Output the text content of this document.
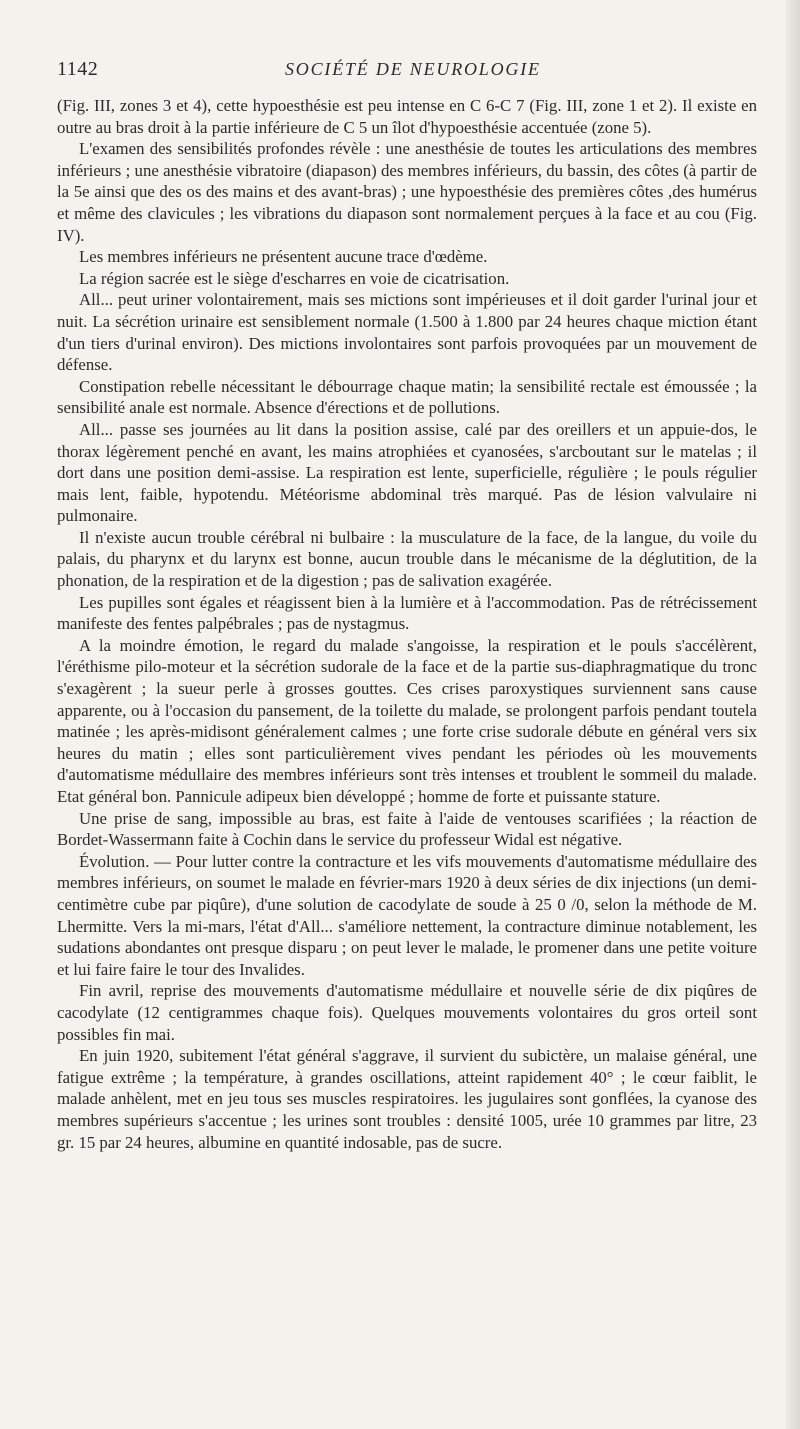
1142	SOCIÉTÉ DE NEUROLOGIE

(Fig. III, zones 3 et 4), cette hypoesthésie est peu intense en C 6-C 7 (Fig. III, zone 1 et 2). Il existe en outre au bras droit à la partie inférieure de C 5 un îlot d'hypoesthésie accentuée (zone 5).

L'examen des sensibilités profondes révèle : une anesthésie de toutes les articulations des membres inférieurs ; une anesthésie vibratoire (diapason) des membres inférieurs, du bassin, des côtes (à partir de la 5e ainsi que des os des mains et des avant-bras) ; une hypoesthésie des premières côtes ,des humérus et même des clavicules ; les vibrations du diapason sont normalement perçues à la face et au cou (Fig. IV).

Les membres inférieurs ne présentent aucune trace d'œdème.

La région sacrée est le siège d'escharres en voie de cicatrisation.

All... peut uriner volontairement, mais ses mictions sont impérieuses et il doit garder l'urinal jour et nuit. La sécrétion urinaire est sensiblement normale (1.500 à 1.800 par 24 heures chaque miction étant d'un tiers d'urinal environ). Des mictions involontaires sont parfois provoquées par un mouvement de défense.

Constipation rebelle nécessitant le débourrage chaque matin; la sensibilité rectale est émoussée ; la sensibilité anale est normale. Absence d'érections et de pollutions.

All... passe ses journées au lit dans la position assise, calé par des oreillers et un appuie-dos, le thorax légèrement penché en avant, les mains atrophiées et cyanosées, s'arcboutant sur le matelas ; il dort dans une position demi-assise. La respiration est lente, superficielle, régulière ; le pouls régulier mais lent, faible, hypotendu. Météorisme abdominal très marqué. Pas de lésion valvulaire ni pulmonaire.

Il n'existe aucun trouble cérébral ni bulbaire : la musculature de la face, de la langue, du voile du palais, du pharynx et du larynx est bonne, aucun trouble dans le mécanisme de la déglutition, de la phonation, de la respiration et de la digestion ; pas de salivation exagérée.

Les pupilles sont égales et réagissent bien à la lumière et à l'accommodation. Pas de rétrécissement manifeste des fentes palpébrales ; pas de nystagmus.

A la moindre émotion, le regard du malade s'angoisse, la respiration et le pouls s'accélèrent, l'éréthisme pilo-moteur et la sécrétion sudorale de la face et de la partie sus-diaphragmatique du tronc s'exagèrent ; la sueur perle à grosses gouttes. Ces crises paroxystiques surviennent sans cause apparente, ou à l'occasion du pansement, de la toilette du malade, se prolongent parfois pendant toutela matinée ; les après-midisont généralement calmes ; une forte crise sudorale débute en général vers six heures du matin ; elles sont particulièrement vives pendant les périodes où les mouvements d'automatisme médullaire des membres inférieurs sont très intenses et troublent le sommeil du malade. Etat général bon. Pannicule adipeux bien développé ; homme de forte et puissante stature.

Une prise de sang, impossible au bras, est faite à l'aide de ventouses scarifiées ; la réaction de Bordet-Wassermann faite à Cochin dans le service du professeur Widal est négative.

Évolution. — Pour lutter contre la contracture et les vifs mouvements d'automatisme médullaire des membres inférieurs, on soumet le malade en février-mars 1920 à deux séries de dix injections (un demi-centimètre cube par piqûre), d'une solution de cacodylate de soude à 25 0 /0, selon la méthode de M. Lhermitte. Vers la mi-mars, l'état d'All... s'améliore nettement, la contracture diminue notablement, les sudations abondantes ont presque disparu ; on peut lever le malade, le promener dans une petite voiture et lui faire faire le tour des Invalides.

Fin avril, reprise des mouvements d'automatisme médullaire et nouvelle série de dix piqûres de cacodylate (12 centigrammes chaque fois). Quelques mouvements volontaires du gros orteil sont possibles fin mai.

En juin 1920, subitement l'état général s'aggrave, il survient du subictère, un malaise général, une fatigue extrême ; la température, à grandes oscillations, atteint rapidement 40° ; le cœur faiblit, le malade anhèlent, met en jeu tous ses muscles respiratoires. les jugulaires sont gonflées, la cyanose des membres supérieurs s'accentue ; les urines sont troubles : densité 1005, urée 10 grammes par litre, 23 gr. 15 par 24 heures, albumine en quantité indosable, pas de sucre.
